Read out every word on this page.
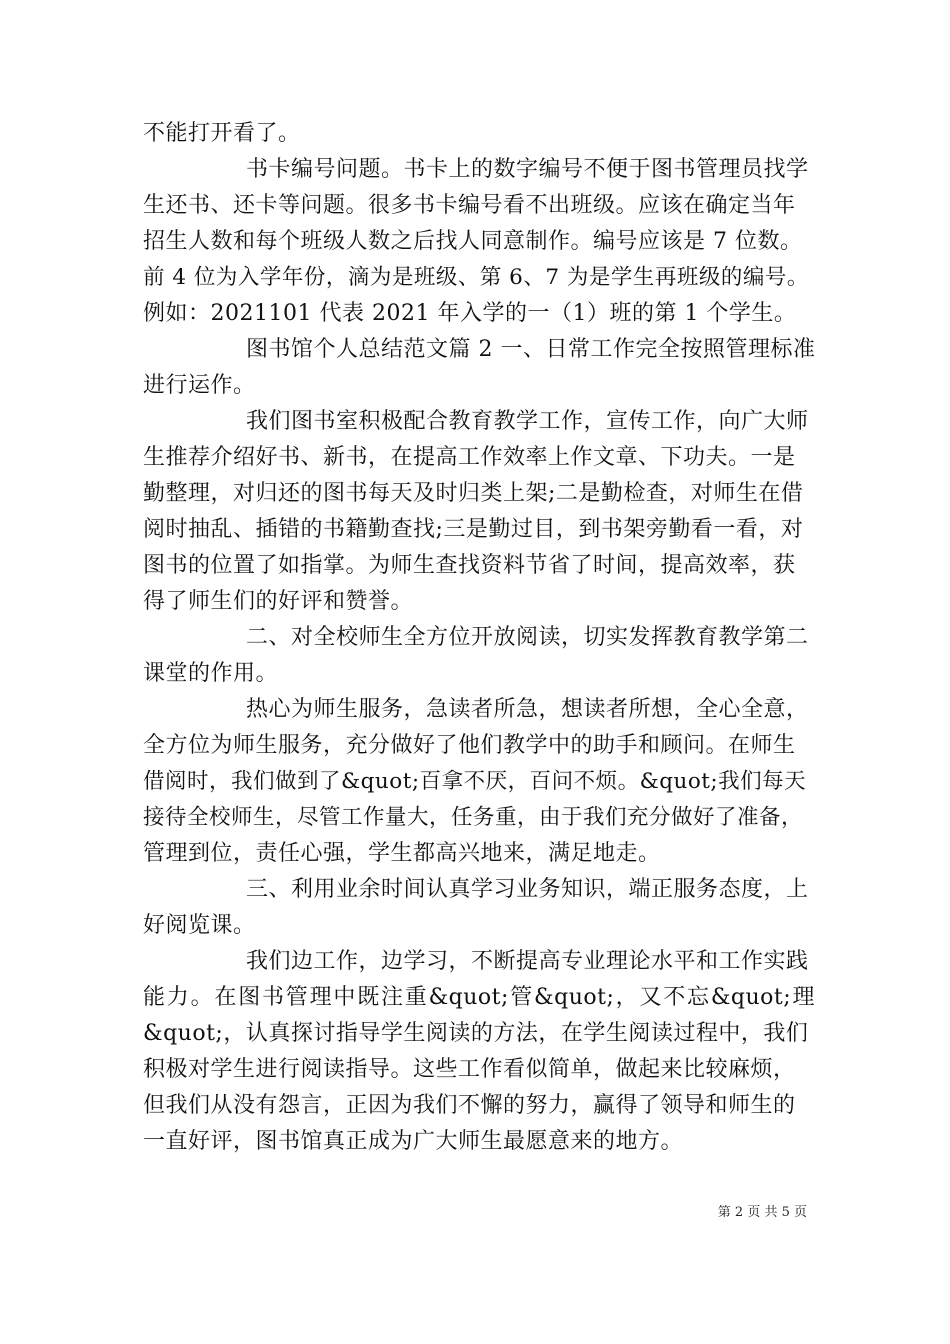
不能打开看了。
书卡编号问题。书卡上的数字编号不便于图书管理员找学
生还书、还卡等问题。很多书卡编号看不出班级。应该在确定当年
招生人数和每个班级人数之后找人同意制作。编号应该是 7 位数。
前 4 位为入学年份，滴为是班级、第 6、7 为是学生再班级的编号。
例如：2021101 代表 2021 年入学的一（1）班的第 1 个学生。
图书馆个人总结范文篇 2 一、日常工作完全按照管理标准
进行运作。
我们图书室积极配合教育教学工作，宣传工作，向广大师
生推荐介绍好书、新书，在提高工作效率上作文章、下功夫。一是
勤整理，对归还的图书每天及时归类上架;二是勤检查，对师生在借
阅时抽乱、插错的书籍勤查找;三是勤过目，到书架旁勤看一看，对
图书的位置了如指掌。为师生查找资料节省了时间，提高效率，获
得了师生们的好评和赞誉。
二、对全校师生全方位开放阅读，切实发挥教育教学第二
课堂的作用。
热心为师生服务，急读者所急，想读者所想，全心全意，
全方位为师生服务，充分做好了他们教学中的助手和顾问。在师生
借阅时，我们做到了&quot;百拿不厌，百问不烦。&quot;我们每天
接待全校师生，尽管工作量大，任务重，由于我们充分做好了准备，
管理到位，责任心强，学生都高兴地来，满足地走。
三、利用业余时间认真学习业务知识，端正服务态度，上
好阅览课。
我们边工作，边学习，不断提高专业理论水平和工作实践
能力。在图书管理中既注重&quot;管&quot;，又不忘&quot;理
&quot;，认真探讨指导学生阅读的方法，在学生阅读过程中，我们
积极对学生进行阅读指导。这些工作看似简单，做起来比较麻烦，
但我们从没有怨言，正因为我们不懈的努力，赢得了领导和师生的
一直好评，图书馆真正成为广大师生最愿意来的地方。
第 2 页 共 5 页
